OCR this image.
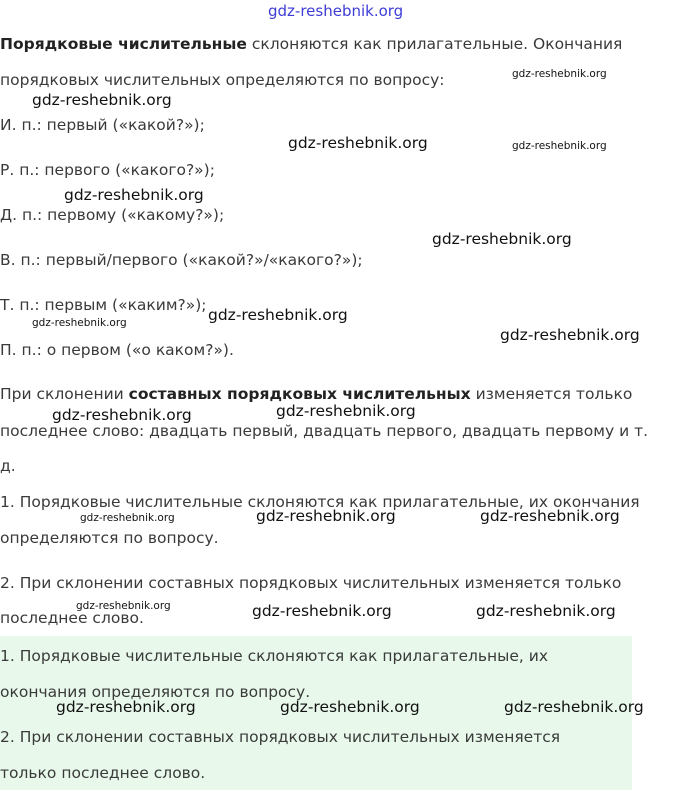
gdz-reshebnik.org
Порядковые числительные склоняются как прилагательные. Окончания
порядковых числительных определяются по вопросу:
И. п.: первый («какой?»);
Р. п.: первого («какого?»);
Д. п.: первому («какому?»);
В. п.: первый/первого («какой?»/«какого?»);
Т. п.: первым («каким?»);
П. п.: о первом («о каком?»).
При склонении составных порядковых числительных изменяется только
последнее слово: двадцать первый, двадцать первого, двадцать первому и т.
д.
1. Порядковые числительные склоняются как прилагательные, их окончания
определяются по вопросу.
2. При склонении составных порядковых числительных изменяется только
последнее слово.
1. Порядковые числительные склоняются как прилагательные, их
окончания определяются по вопросу.
2. При склонении составных порядковых числительных изменяется
только последнее слово.
gdz-reshebnik.org
gdz-reshebnik.org
gdz-reshebnik.org	gdz-reshebnik.org
gdz-reshebnik.org
gdz-reshebnik.org
gdz-reshebnik.org
gdz-reshebnik.org
gdz-reshebnik.org
gdz-reshebnik.org
gdz-reshebnik.org
gdz-reshebnik.org	gdz-reshebnik.org	gdz-reshebnik.org
gdz-reshebnik.org	gdz-reshebnik.org	gdz-reshebnik.org
gdz-reshebnik.org	gdz-reshebnik.org	gdz-reshebnik.org
